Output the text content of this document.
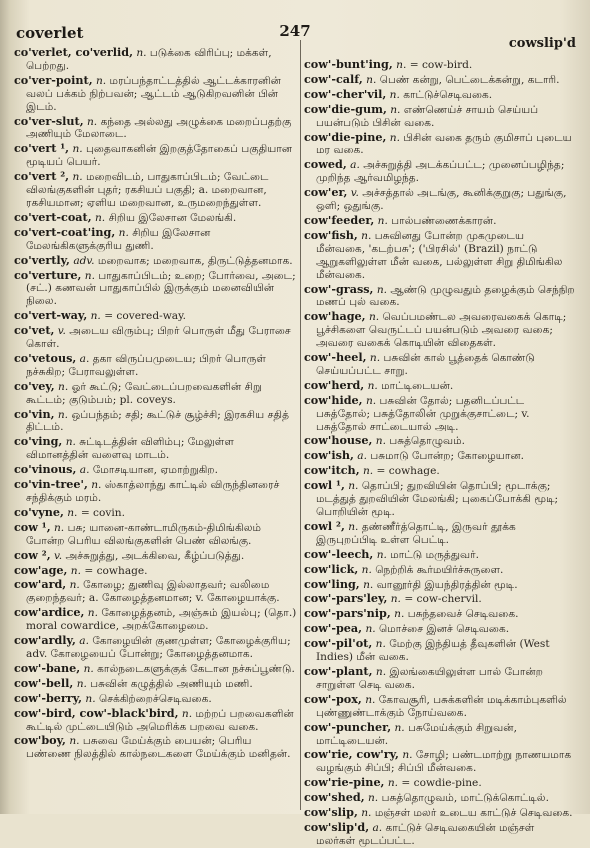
coverlet	247
cowslip'd

co'verlet, co'verlid, n. படுக்கை விரிப்பு; மக்கள், பெற்றது.

co'ver-point, n. மரப்பந்தாட்டத்தில் ஆட்டக்காரனின் வலப் பக்கம் நிற்பவன்; ஆட்டம் ஆடுகிறவனின் பின் இடம்.

co'ver-slut, n. கந்தை அல்லது அழுக்கை மறைப்பதற்கு அணியும் மேலாடை.

co'vert ¹, n. புதைவாகனின் இறகுத்தோகைப் பகுதியான மூடியப் பெயர்.

co'vert ², n. மறைவிடம், பாதுகாப்பிடம்; வேட்டை விலங்குகளின் புதர்; ரகசியப் பகுதி; a. மறைவான, ரகசியமான; ஏளிய மறைவான, உருமறைந்துள்ள.

co'vert-coat, n. சிறிய இலேசான மேலங்கி.

co'vert-coat'ing, n. சிறிய இலேசான மேலங்கிகளுக்குரிய துணி.

co'vertly, adv. மறைவாக; மறைவாக, திருட்டுத்தனமாக.

co'verture, n. பாதுகாப்பிடம்; உறை; போர்வை, அடை; (சட்.) கணவன் பாதுகாப்பில் இருக்கும் மனைவியின் நிலை.

co'vert-way, n. = covered-way.

co'vet, v. அடைய விரும்பு; பிறர் பொருள் மீது பேராசை கொள்.

co'vetous, a. தகா விருப்பமுடைய; பிறர் பொருள் நச்சுகிற; பேராவலுள்ள.

co'vey, n. ஓர் கூட்டு; வேட்டைப்பறவைகளின் சிறு கூட்டம்; குடும்பம்; pl. coveys.

co'vin, n. ஒப்பந்தம்; சதி; கூட்டுச் சூழ்ச்சி; இரகசிய சதித் திட்டம்.

co'ving, n. சுட்டிடத்தின் விளிம்பு; மேலுள்ள விமானத்தின் வளைவு மாடம்.

co'vinous, a. மோசடியான, ஏமாற்றுகிற.

co'vin-tree', n. ஸ்காத்லாந்து காட்டில் விருந்தினரைச் சந்திக்கும் மரம்.

co'vyne, n. = covin.

cow ¹, n. பசு; யானை-காண்டாமிருகம்-திமிங்கிலம் போன்ற பெரிய விலங்குகளின் பெண் விலங்கு.

cow ², v. அச்சுறுத்து, அடக்கிவை, கீழ்ப்படுத்து.

cow'age, n. = cowhage.

cow'ard, n. கோழை; துணிவு இல்லாதவர்; வலிமை குறைந்தவர்; a. கோழைத்தனமான; v. கோழையாக்கு.

cow'ardice, n. கோழைத்தனம், அஞ்சும் இயல்பு; (தொ.) moral cowardice, அறக்கோழைமை.

cow'ardly, a. கோழையின் குணமுள்ள; கோழைக்குரிய; adv. கோழையைப் போன்று; கோழைத்தனமாக.

cow'-bane, n. கால்நடைகளுக்குக் கேடான நச்சுப்பூண்டு.

cow'-bell, n. பசுவின் கழுத்தில் அணியும் மணி.

cow'-berry, n. செக்கிற்றைச்செடிவகை.

cow'-bird, cow'-black'bird, n. மற்றப் பறவைகளின் கூட்டில் முட்டையிடும் அமெரிக்க பறவை வகை.

cow'boy, n. பசுவை மேய்க்கும் பையன்; பெரிய பண்ணை நிலத்தில் கால்நடைகளை மேய்க்கும் மனிதன்.

cow'-bunt'ing, n. = cow-bird.

cow'-calf, n. பெண் கன்று, பெட்டைக்கன்று, கடாரி.

cow'-cher'vil, n. காட்டுச்செடிவகை.

cow'die-gum, n. எண்ணெய்ச் சாயம் செய்யப் பயன்படும் பிசின் வகை.

cow'die-pine, n. பிசின் வகை தரும் குமிசாப் புடைய மர வகை.

cowed, a. அச்சுறுத்தி அடக்கப்பட்ட; முனைப்பழிந்த; முறிந்த ஆர்வமிழந்த.

cow'er, v. அச்சத்தால் அடங்கு, கூனிக்குறுகு; பதுங்கு, ஒளி; ஒதுங்கு.

cow'feeder, n. பால்பண்ணைக்காரன்.

cow'fish, n. பசுவினது போன்ற முகமுடைய மீன்வகை, 'கடற்பசு'; ('பிரசில்' (Brazil) நாட்டு ஆறுகளிலுள்ள மீன் வகை, பல்லுள்ள சிறு திமிங்கில மீன்வகை.

cow'-grass, n. ஆண்டு முழுவதும் தழைக்கும் செந்நிற மணப் புல் வகை.

cow'hage, n. வெப்பமண்டல அவரைவகைக் கொடி; பூச்சிகளை வெருட்டப் பயன்படும் அவரை வகை; அவரை வகைக் கொடியின் விதைகள்.

cow'-heel, n. பசுவின் கால் பூத்தைக் கொண்டு செய்யப்பட்ட சாறு.

cow'herd, n. மாட்டிடையன்.

cow'hide, n. பசுவின் தோல்; பதனிடப்பட்ட பசுத்தோல்; பசுத்தோலின் முறுக்குசாட்டை; v. பசுத்தோல் சாட்டையால் அடி.

cow'house, n. பசுத்தொழுவம்.

cow'ish, a. பசுமாடு போன்ற; கோழையான.

cow'itch, n. = cowhage.

cowl ¹, n. தொப்பி; துறவியின் தொப்பி; மூடாக்கு; மடத்துத் துறவியின் மேலங்கி; புகைப்போக்கி மூடி; பொறியின் மூடி.

cowl ², n. தண்ணீர்த்தொட்டி, இருவர் தூக்க இருபுறப்பிடி உள்ள பெட்டி.

cow'-leech, n. மாட்டு மருத்துவர்.

cow'lick, n. நெற்றிக் கூர்மயிர்ச்சுருளை.

cow'ling, n. வானூர்தி இயந்திரத்தின் மூடி.

cow'-pars'ley, n. = cow-chervil.

cow'-pars'nip, n. பசுந்தவைச் செடிவகை.

cow'-pea, n. மொச்சை இனச் செடிவகை.

cow'-pil'ot, n. மேற்கு இந்தியத் தீவுகளின் (West Indies) மீன் வகை.

cow'-plant, n. இலங்கையிலுள்ள பால் போன்ற சாறுள்ள செடி வகை.

cow'-pox, n. கோவசூரி, பசுக்களின் மடிக்காம்புகளில் புண்ணுண்டாக்கும் நோய்வகை.

cow'-puncher, n. பசுமேய்க்கும் சிறுவன், மாட்டிடையன்.

cow'rie, cow'ry, n. சோழி; பண்டமாற்று நாணயமாக வழங்கும் சிப்பி; சிப்பி மீன்வகை.

cow'rie-pine, n. = cowdie-pine.

cow'shed, n. பசுத்தொழுவம், மாட்டுக்கொட்டில்.

cow'slip, n. மஞ்சள் மலர் உடைய காட்டுச் செடிவகை.

cow'slip'd, a. காட்டுச் செடிவகையின் மஞ்சள் மலர்கள் மூடப்பட்ட.
